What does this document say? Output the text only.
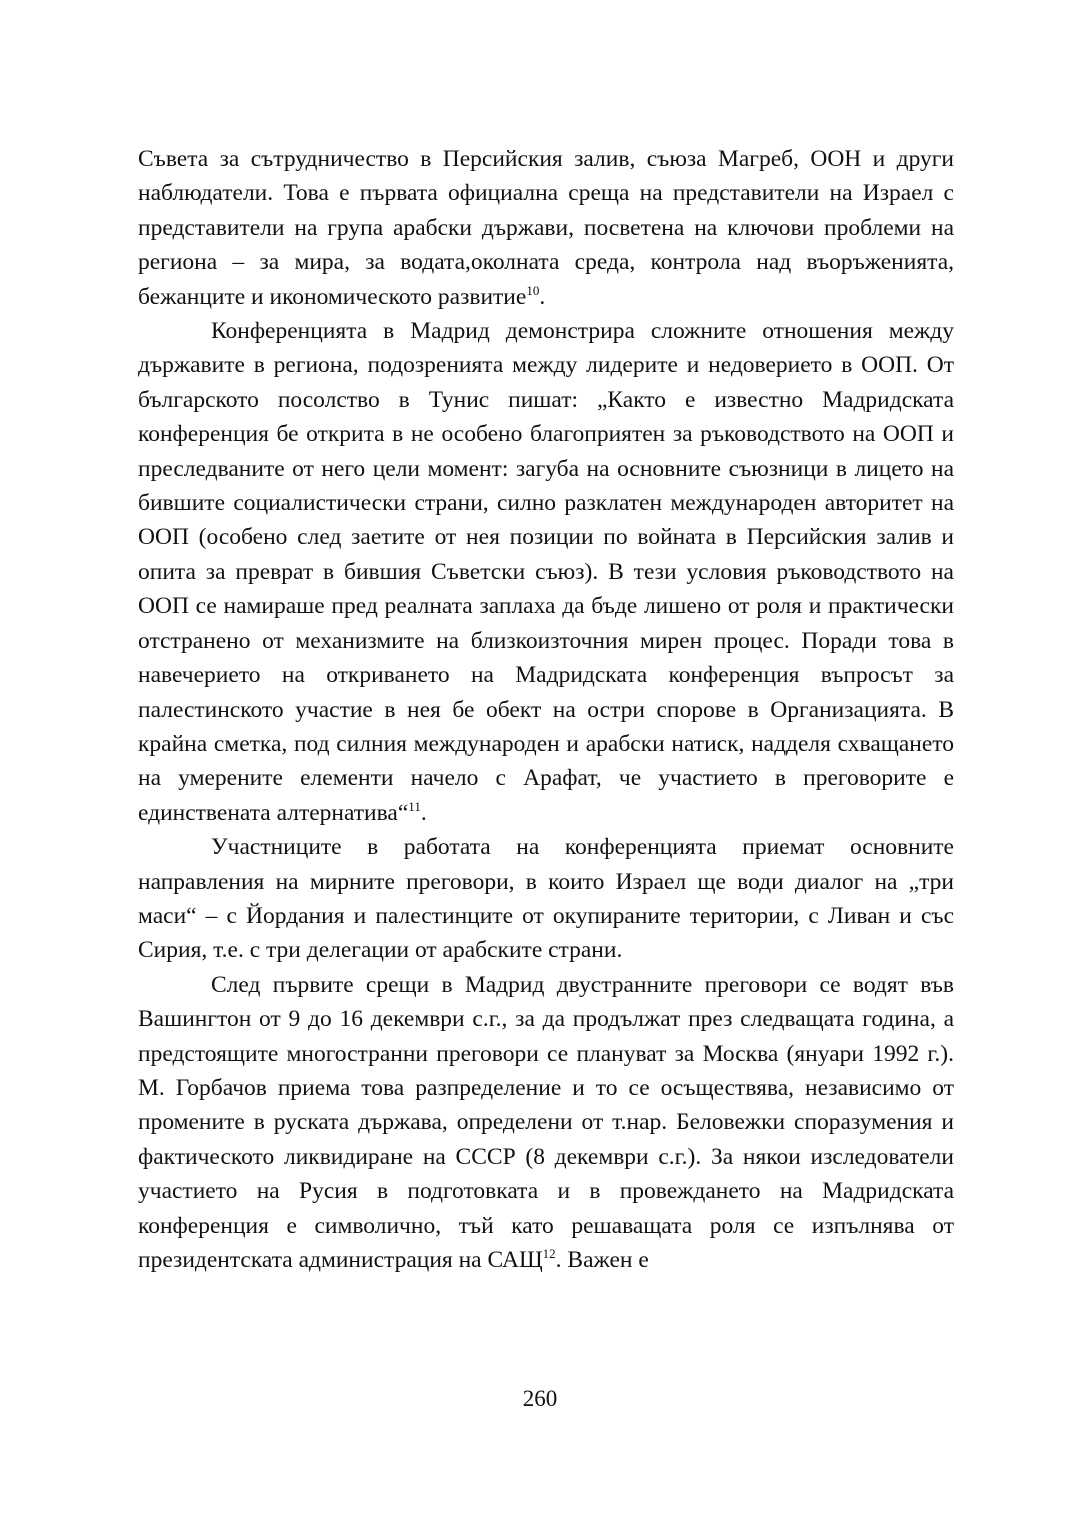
Съвета за сътрудничество в Персийския залив, съюза Магреб, ООН и други наблюдатели. Това е първата официална среща на представители на Израел с представители на група арабски държави, посветена на ключови проблеми на региона – за мира, за водата,околната среда, контрола над въоръженията, бежанците и икономическото развитие$^{10}$.

Конференцията в Мадрид демонстрира сложните отношения между държавите в региона, подозренията между лидерите и недоверието в ООП. От българското посолство в Тунис пишат: „Както е известно Мадридската конференция бе открита в не особено благоприятен за ръководството на ООП и преследваните от него цели момент: загуба на основните съюзници в лицето на бившите социалистически страни, силно разклатен международен авторитет на ООП (особено след заетите от нея позиции по войната в Персийския залив и опита за преврат в бившия Съветски съюз). В тези условия ръководството на ООП се намираше пред реалната заплаха да бъде лишено от роля и практически отстранено от механизмите на близкоизточния мирен процес. Поради това в навечерието на откриването на Мадридската конференция въпросът за палестинското участие в нея бе обект на остри спорове в Организацията. В крайна сметка, под силния международен и арабски натиск, надделя схващането на умерените елементи начело с Арафат, че участието в преговорите е единствената алтернатива“$^{11}$.

Участниците в работата на конференцията приемат основните направления на мирните преговори, в които Израел ще води диалог на „три маси“ – с Йордания и палестинците от окупираните територии, с Ливан и със Сирия, т.е. с три делегации от арабските страни.

След първите срещи в Мадрид двустранните преговори се водят във Вашингтон от 9 до 16 декември с.г., за да продължат през следващата година, а предстоящите многостранни преговори се плануват за Москва (януари 1992 г.). М. Горбачов приема това разпределение и то се осъществява, независимо от промените в руската държава, определени от т.нар. Беловежки споразумения и фактическото ликвидиране на СССР (8 декември с.г.). За някои изследователи участието на Русия в подготовката и в провеждането на Мадридската конференция е символично, тъй като решаващата роля се изпълнява от президентската администрация на САЩ$^{12}$. Важен е

260
